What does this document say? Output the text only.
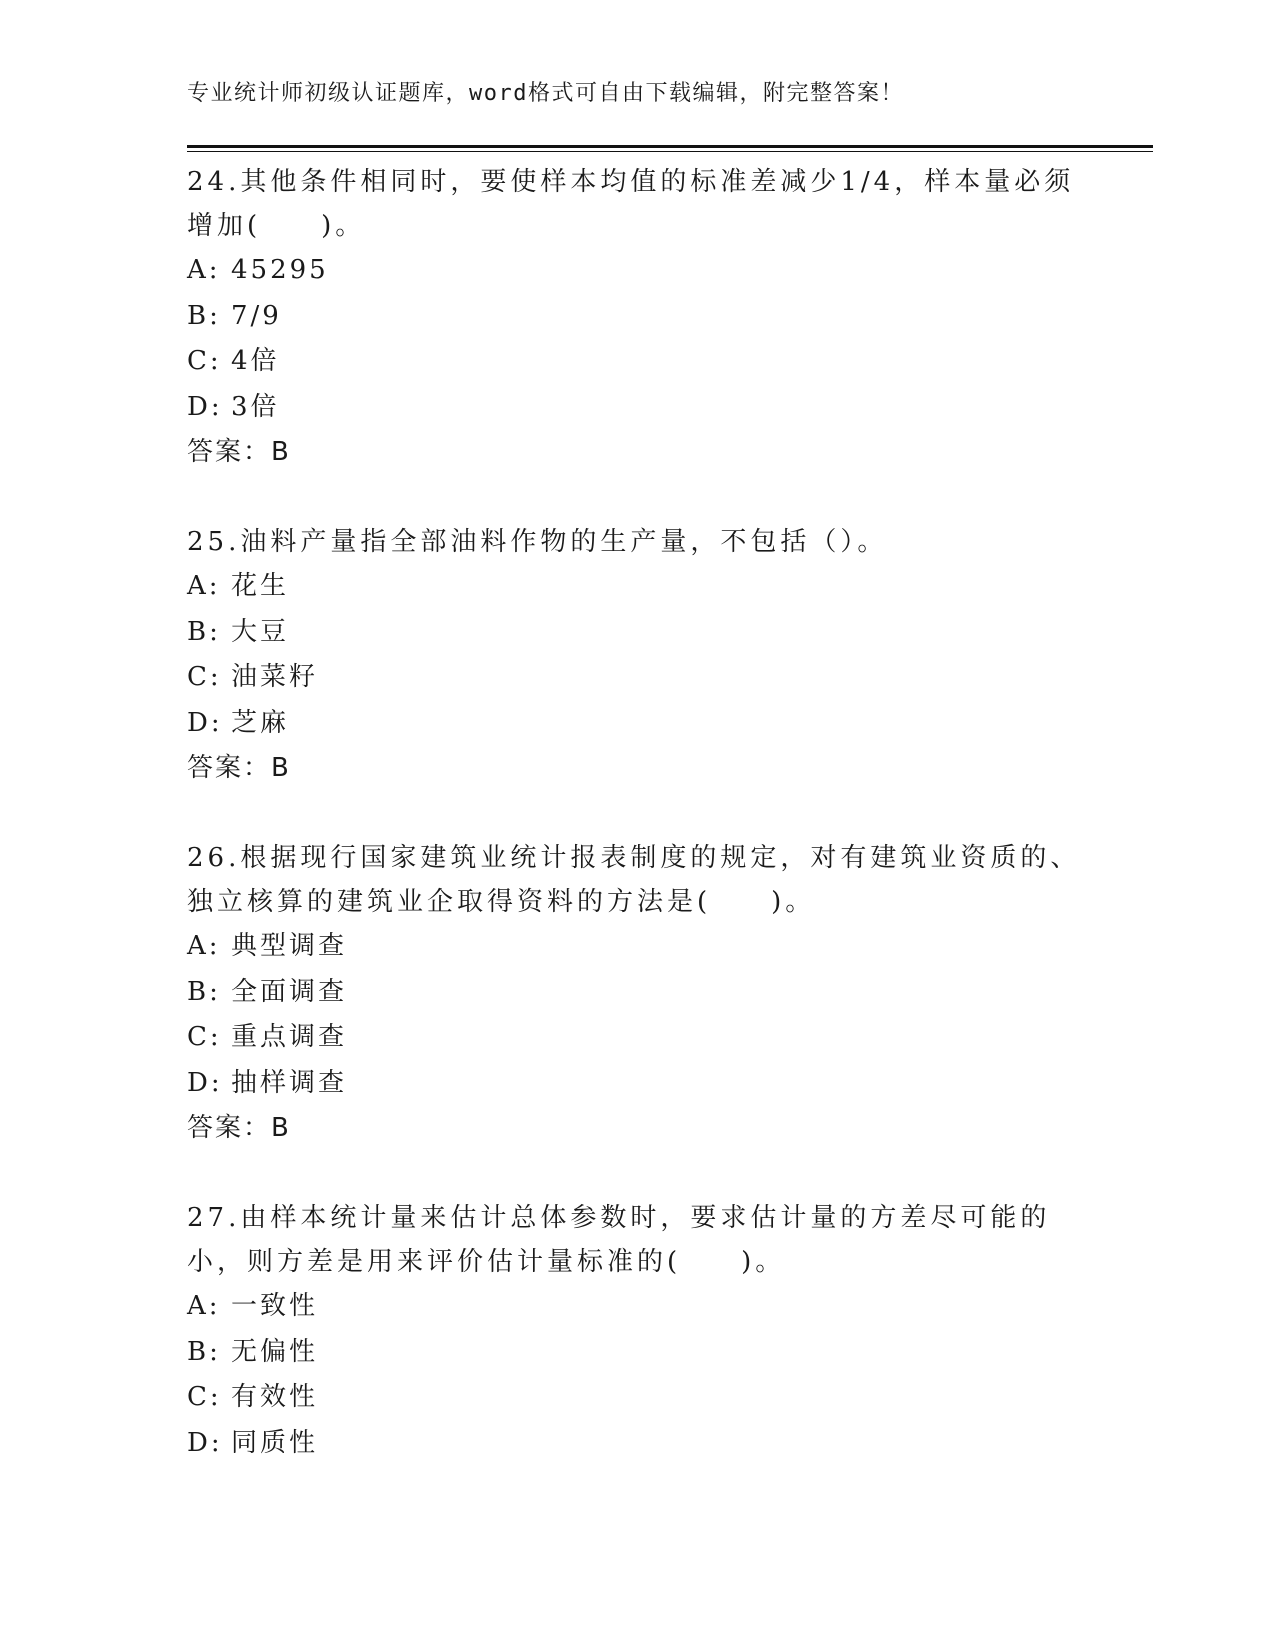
专业统计师初级认证题库，word格式可自由下载编辑，附完整答案！

24.其他条件相同时，要使样本均值的标准差减少1/4，样本量必须增加(　　)。

A: 45295
B: 7/9
C: 4倍
D: 3倍
答案：B

25.油料产量指全部油料作物的生产量，不包括（）。

A: 花生
B: 大豆
C: 油菜籽
D: 芝麻
答案：B

26.根据现行国家建筑业统计报表制度的规定，对有建筑业资质的、独立核算的建筑业企取得资料的方法是(　　)。

A: 典型调查
B: 全面调查
C: 重点调查
D: 抽样调查
答案：B

27.由样本统计量来估计总体参数时，要求估计量的方差尽可能的小，则方差是用来评价估计量标准的(　　)。

A: 一致性
B: 无偏性
C: 有效性
D: 同质性
